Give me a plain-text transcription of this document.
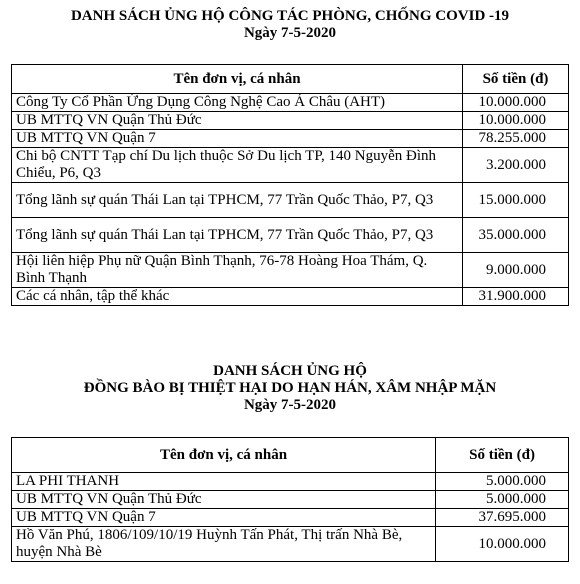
DANH SÁCH ỦNG HỘ CÔNG TÁC PHÒNG, CHỐNG COVID -19

Ngày 7-5-2020

Tên đơn vị, cá nhân	Số tiền (đ)
Công Ty Cổ Phần Ứng Dụng Công Nghệ Cao Á Châu (AHT)	10.000.000
UB MTTQ VN Quận Thủ Đức	10.000.000
UB MTTQ VN Quận 7	78.255.000
Chi bộ CNTT Tạp chí Du lịch thuộc Sở Du lịch TP, 140 Nguyễn Đình Chiểu, P6, Q3	3.200.000
Tổng lãnh sự quán Thái Lan tại TPHCM, 77 Trần Quốc Thảo, P7, Q3	15.000.000
Tổng lãnh sự quán Thái Lan tại TPHCM, 77 Trần Quốc Thảo, P7, Q3	35.000.000
Hội liên hiệp Phụ nữ Quận Bình Thạnh, 76-78 Hoàng Hoa Thám, Q. Bình Thạnh	9.000.000
Các cá nhân, tập thể khác	31.900.000

DANH SÁCH ỦNG HỘ

ĐỒNG BÀO BỊ THIỆT HẠI DO HẠN HÁN, XÂM NHẬP MẶN

Ngày 7-5-2020

Tên đơn vị, cá nhân	Số tiền (đ)
LA PHI THANH	5.000.000
UB MTTQ VN Quận Thủ Đức	5.000.000
UB MTTQ VN Quận 7	37.695.000
Hồ Văn Phú, 1806/109/10/19 Huỳnh Tấn Phát, Thị trấn Nhà Bè, huyện Nhà Bè	10.000.000
